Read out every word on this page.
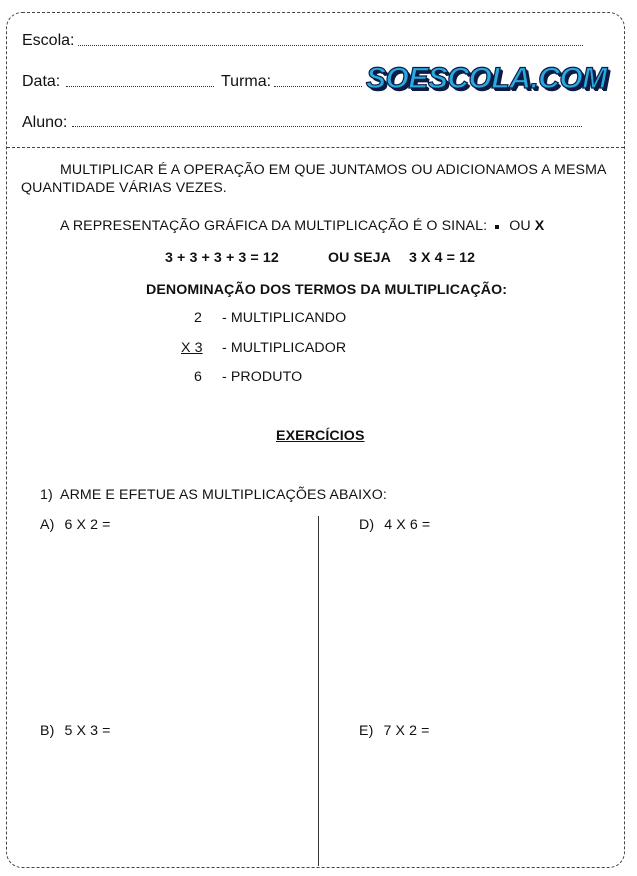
Escola:
Data:	Turma:	SOESCOLA.COM
Aluno:
MULTIPLICAR É A OPERAÇÃO EM QUE JUNTAMOS OU ADICIONAMOS A MESMA
QUANTIDADE VÁRIAS VEZES.
A REPRESENTAÇÃO GRÁFICA DA MULTIPLICAÇÃO É O SINAL: OU X
3 + 3 + 3 + 3 = 12	OU SEJA 3 X 4 = 12
DENOMINAÇÃO DOS TERMOS DA MULTIPLICAÇÃO:
2 - MULTIPLICANDO
X 3 - MULTIPLICADOR
6 - PRODUTO
EXERCÍCIOS
1) ARME E EFETUE AS MULTIPLICAÇÕES ABAIXO:
A) 6 X 2 =	D) 4 X 6 =
B) 5 X 3 =	E) 7 X 2 =
